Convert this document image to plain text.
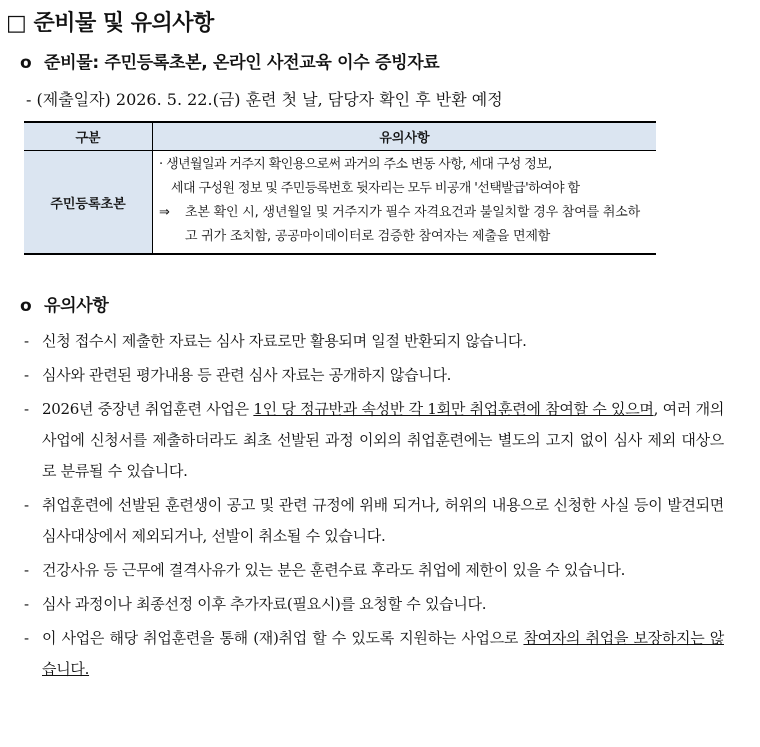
□ 준비물 및 유의사항
o 준비물: 주민등록초본, 온라인 사전교육 이수 증빙자료
- (제출일자) 2026. 5. 22.(금) 훈련 첫 날, 담당자 확인 후 반환 예정
구분	유의사항
주민등록초본	· 생년월일과 거주지 확인용으로써 과거의 주소 변동 사항, 세대 구성 정보,
세대 구성원 정보 및 주민등록번호 뒷자리는 모두 비공개 '선택발급'하여야 함
⇒ 초본 확인 시, 생년월일 및 거주지가 필수 자격요건과 불일치할 경우 참여를 취소하고 귀가 조치함, 공공마이데이터로 검증한 참여자는 제출을 면제함
o 유의사항
- 신청 접수시 제출한 자료는 심사 자료로만 활용되며 일절 반환되지 않습니다.
- 심사와 관련된 평가내용 등 관련 심사 자료는 공개하지 않습니다.
- 2026년 중장년 취업훈련 사업은 1인 당 정규반과 속성반 각 1회만 취업훈련에 참여할 수 있으며, 여러 개의 사업에 신청서를 제출하더라도 최초 선발된 과정 이외의 취업훈련에는 별도의 고지 없이 심사 제외 대상으로 분류될 수 있습니다.
- 취업훈련에 선발된 훈련생이 공고 및 관련 규정에 위배 되거나, 허위의 내용으로 신청한 사실 등이 발견되면 심사대상에서 제외되거나, 선발이 취소될 수 있습니다.
- 건강사유 등 근무에 결격사유가 있는 분은 훈련수료 후라도 취업에 제한이 있을 수 있습니다.
- 심사 과정이나 최종선정 이후 추가자료(필요시)를 요청할 수 있습니다.
- 이 사업은 해당 취업훈련을 통해 (재)취업 할 수 있도록 지원하는 사업으로 참여자의 취업을 보장하지는 않습니다.
